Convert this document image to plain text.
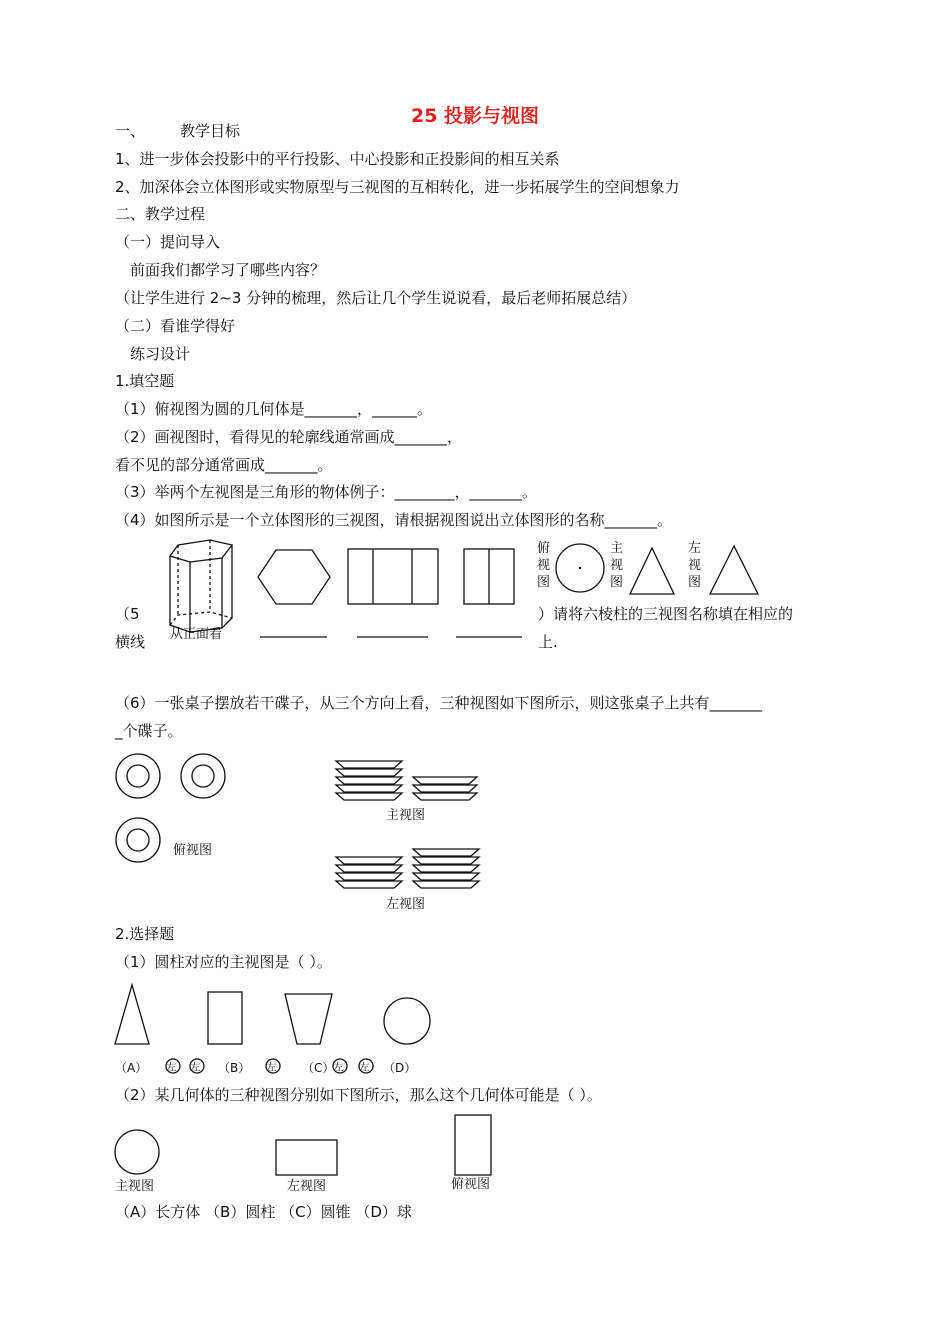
25 投影与视图
一、 教学目标
1、进一步体会投影中的平行投影、中心投影和正投影间的相互关系
2、加深体会立体图形或实物原型与三视图的互相转化，进一步拓展学生的空间想象力
二、教学过程
（一）提问导入
前面我们都学习了哪些内容？
（让学生进行 2~3 分钟的梳理，然后让几个学生说说看，最后老师拓展总结）
（二）看谁学得好
练习设计
1.填空题
（1）俯视图为圆的几何体是_______，______。
（2）画视图时，看得见的轮廓线通常画成_______，
看不见的部分通常画成_______。
（3）举两个左视图是三角形的物体例子：________，_______。
（4）如图所示是一个立体图形的三视图，请根据视图说出立体图形的名称_______。
（5	）请将六棱柱的三视图名称填在相应的
横线	上.
（6）一张桌子摆放若干碟子，从三个方向上看，三种视图如下图所示，则这张桌子上共有_______
_个碟子。
2.选择题
（1）圆柱对应的主视图是（ ）。
（2）某几何体的三种视图分别如下图所示，那么这个几何体可能是（ ）。
（A）长方体 （B）圆柱 （C）圆锥 （D）球
（A）	（B）	（C）	（D）
从正面看
俯
视
图
主
视
图
左
视
图
俯视图
主视图
左视图
左 左	左	左 左
主视图	左视图	俯视图
